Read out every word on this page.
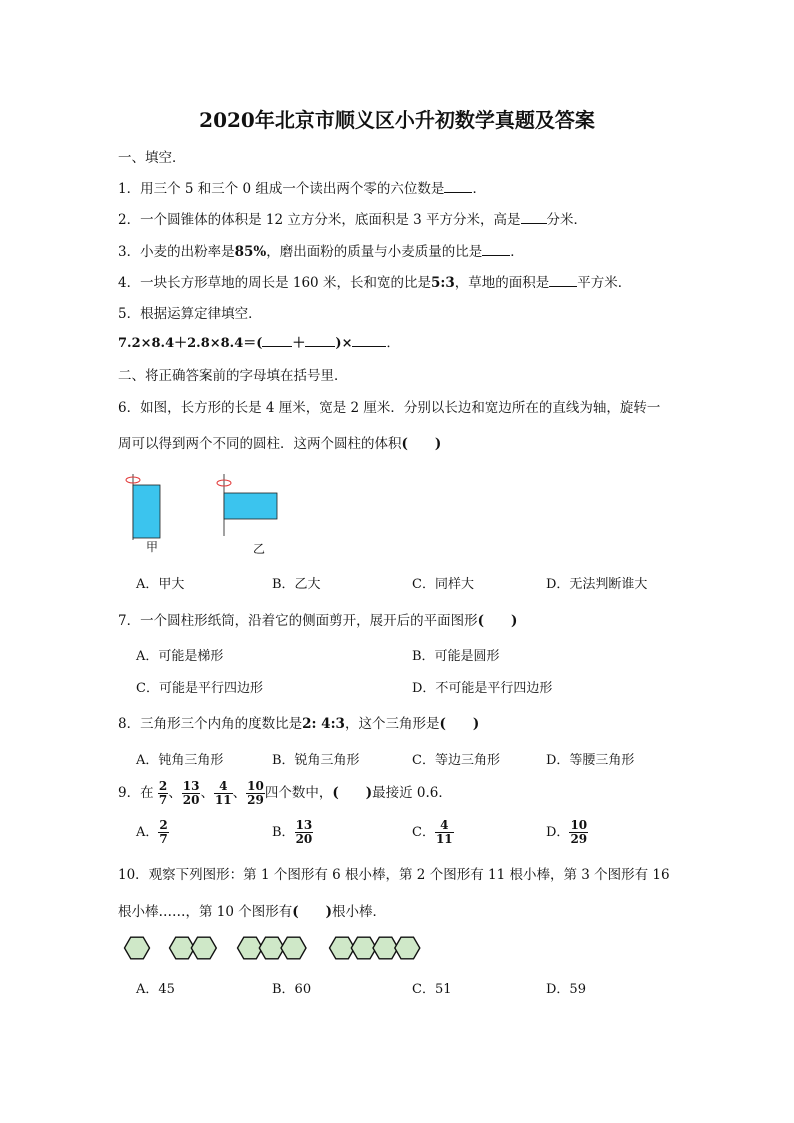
2020年北京市顺义区小升初数学真题及答案
一、填空．
1．用三个 5 和三个 0 组成一个读出两个零的六位数是 ．
2．一个圆锥体的体积是 12 立方分米，底面积是 3 平方分米，高是 分米．
3．小麦的出粉率是85%，磨出面粉的质量与小麦质量的比是 ．
4．一块长方形草地的周长是 160 米，长和宽的比是5:3，草地的面积是 平方米．
5．根据运算定律填空．
7.2×8.4＋2.8×8.4＝( ＋ )×	．
二、将正确答案前的字母填在括号里．
6．如图，长方形的长是 4 厘米，宽是 2 厘米．分别以长边和宽边所在的直线为轴，旋转一
周可以得到两个不同的圆柱．这两个圆柱的体积(　　)
甲	乙
A．甲大	B．乙大	C．同样大	D．无法判断谁大
7．一个圆柱形纸筒，沿着它的侧面剪开，展开后的平面图形(　　)
A．可能是梯形	B．可能是圆形
C．可能是平行四边形	D．不可能是平行四边形
8．三角形三个内角的度数比是2: 4:3，这个三角形是(　　)
A．钝角三角形	B．锐角三角形	C．等边三角形	D．等腰三角形
9．在 $\frac{2}{7}$ 、 $\frac{13}{20}$ 、 $\frac{4}{11}$ 、 $\frac{10}{29}$ 四个数中，(　　)最接近 0.6．
A． $\frac{2}{7}$	B． $\frac{13}{20}$	C． $\frac{4}{11}$	D． $\frac{10}{29}$
10．观察下列图形：第 1 个图形有 6 根小棒，第 2 个图形有 11 根小棒，第 3 个图形有 16
根小棒……，第 10 个图形有(　　)根小棒．
A．45	B．60	C．51	D．59
